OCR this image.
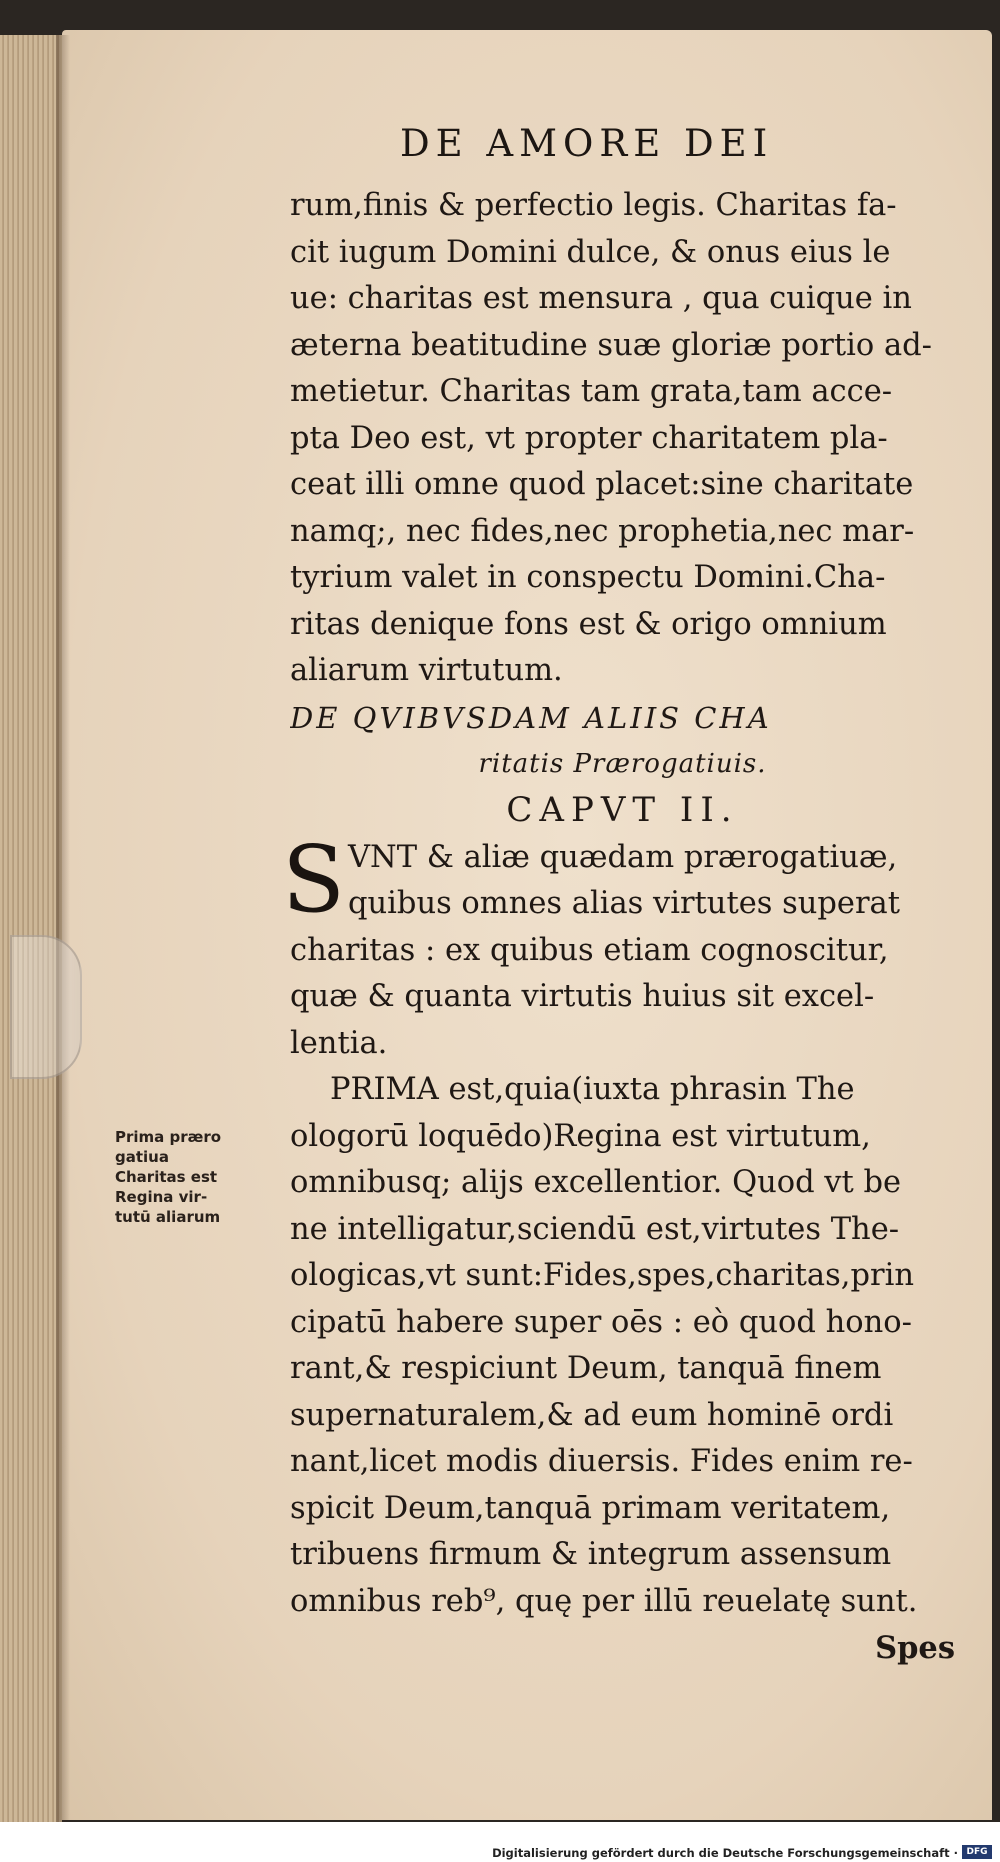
DE AMORE DEI
rum,finis & perfectio legis. Charitas fa-
cit iugum Domini dulce, & onus eius le
ue: charitas est mensura , qua cuique in
æterna beatitudine suæ gloriæ portio ad-
metietur. Charitas tam grata,tam acce-
pta Deo est, vt propter charitatem pla-
ceat illi omne quod placet:sine charitate
namq;, nec fides,nec prophetia,nec mar-
tyrium valet in conspectu Domini.Cha-
ritas denique fons est & origo omnium
aliarum virtutum.
DE QVIBVSDAM ALIIS CHA
ritatis Prærogatiuis.
CAPVT II.
S VNT & aliæ quædam prærogatiuæ,
quibus omnes alias virtutes superat
charitas : ex quibus etiam cognoscitur,
quæ & quanta virtutis huius sit excel-
lentia.
PRIMA est,quia(iuxta phrasin The
ologorū loquēdo)Regina est virtutum,
omnibusq; alijs excellentior. Quod vt be
ne intelligatur,sciendū est,virtutes The-
ologicas,vt sunt:Fides,spes,charitas,prin
cipatū habere super oēs : eò quod hono-
rant,& respiciunt Deum, tanquā finem
supernaturalem,& ad eum hominē ordi
nant,licet modis diuersis. Fides enim re-
spicit Deum,tanquā primam veritatem,
tribuens firmum & integrum assensum
omnibus reb⁹, quę per illū reuelatę sunt.
Spes
Prima præro
gatiua
Charitas est
Regina vir-
tutū aliarum
Digitalisierung gefördert durch die Deutsche Forschungsgemeinschaft · DFG
